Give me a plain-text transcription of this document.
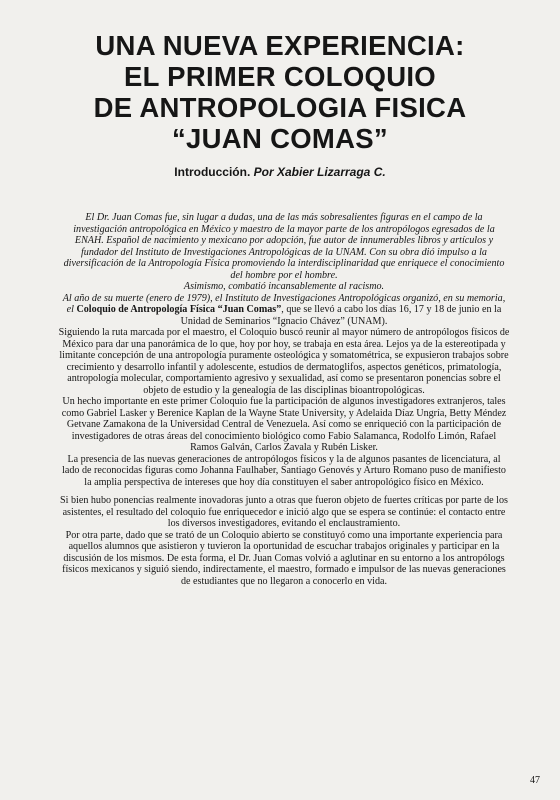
UNA NUEVA EXPERIENCIA:
EL PRIMER COLOQUIO
DE ANTROPOLOGIA FISICA
“JUAN COMAS”
Introducción. Por Xabier Lizarraga C.

El Dr. Juan Comas fue, sin lugar a dudas, una de las más sobresalientes figuras en el campo de la investigación antropológica en México y maestro de la mayor parte de los antropólogos egresados de la ENAH. Español de nacimiento y mexicano por adopción, fue autor de innumerables libros y artículos y fundador del Instituto de Investigaciones Antropológicas de la UNAM. Con su obra dió impulso a la diversificación de la Antropología Física promoviendo la interdisciplinaridad que enriquece el conocimiento del hombre por el hombre.

Asimismo, combatió incansablemente al racismo.

Al año de su muerte (enero de 1979), el Instituto de Investigaciones Antropológicas organizó, en su memoria, el Coloquio de Antropología Física “Juan Comas”, que se llevó a cabo los días 16, 17 y 18 de junio en la Unidad de Seminarios “Ignacio Chávez” (UNAM).

Siguiendo la ruta marcada por el maestro, el Coloquio buscó reunir al mayor número de antropólogos físicos de México para dar una panorámica de lo que, hoy por hoy, se trabaja en esta área. Lejos ya de la estereotipada y limitante concepción de una antropología puramente osteológica y somatométrica, se expusieron trabajos sobre crecimiento y desarrollo infantil y adolescente, estudios de dermatoglifos, aspectos genéticos, primatología, antropología molecular, comportamiento agresivo y sexualidad, así como se presentaron ponencias sobre el objeto de estudio y la genealogía de las disciplinas bioantropológicas.

Un hecho importante en este primer Coloquio fue la participación de algunos investigadores extranjeros, tales como Gabriel Lasker y Berenice Kaplan de la Wayne State University, y Adelaida Díaz Ungría, Betty Méndez Getvane Zamakona de la Universidad Central de Venezuela. Así como se enriqueció con la participación de investigadores de otras áreas del conocimiento biológico como Fabio Salamanca, Rodolfo Limón, Rafael Ramos Galván, Carlos Zavala y Rubén Lisker.

La presencia de las nuevas generaciones de antropólogos físicos y la de algunos pasantes de licenciatura, al lado de reconocidas figuras como Johanna Faulhaber, Santiago Genovés y Arturo Romano puso de manifiesto la amplia perspectiva de intereses que hoy día constituyen el saber antropológico físico en México.

Si bien hubo ponencias realmente inovadoras junto a otras que fueron objeto de fuertes críticas por parte de los asistentes, el resultado del coloquio fue enriquecedor e inició algo que se espera se continúe: el contacto entre los diversos investigadores, evitando el enclaustramiento.

Por otra parte, dado que se trató de un Coloquio abierto se constituyó como una importante experiencia para aquellos alumnos que asistieron y tuvieron la oportunidad de escuchar trabajos originales y participar en la discusión de los mismos. De esta forma, el Dr. Juan Comas volvió a aglutinar en su entorno a los antropólogs físicos mexicanos y siguió siendo, indirectamente, el maestro, formado e impulsor de las nuevas generaciones de estudiantes que no llegaron a conocerlo en vida.

47
